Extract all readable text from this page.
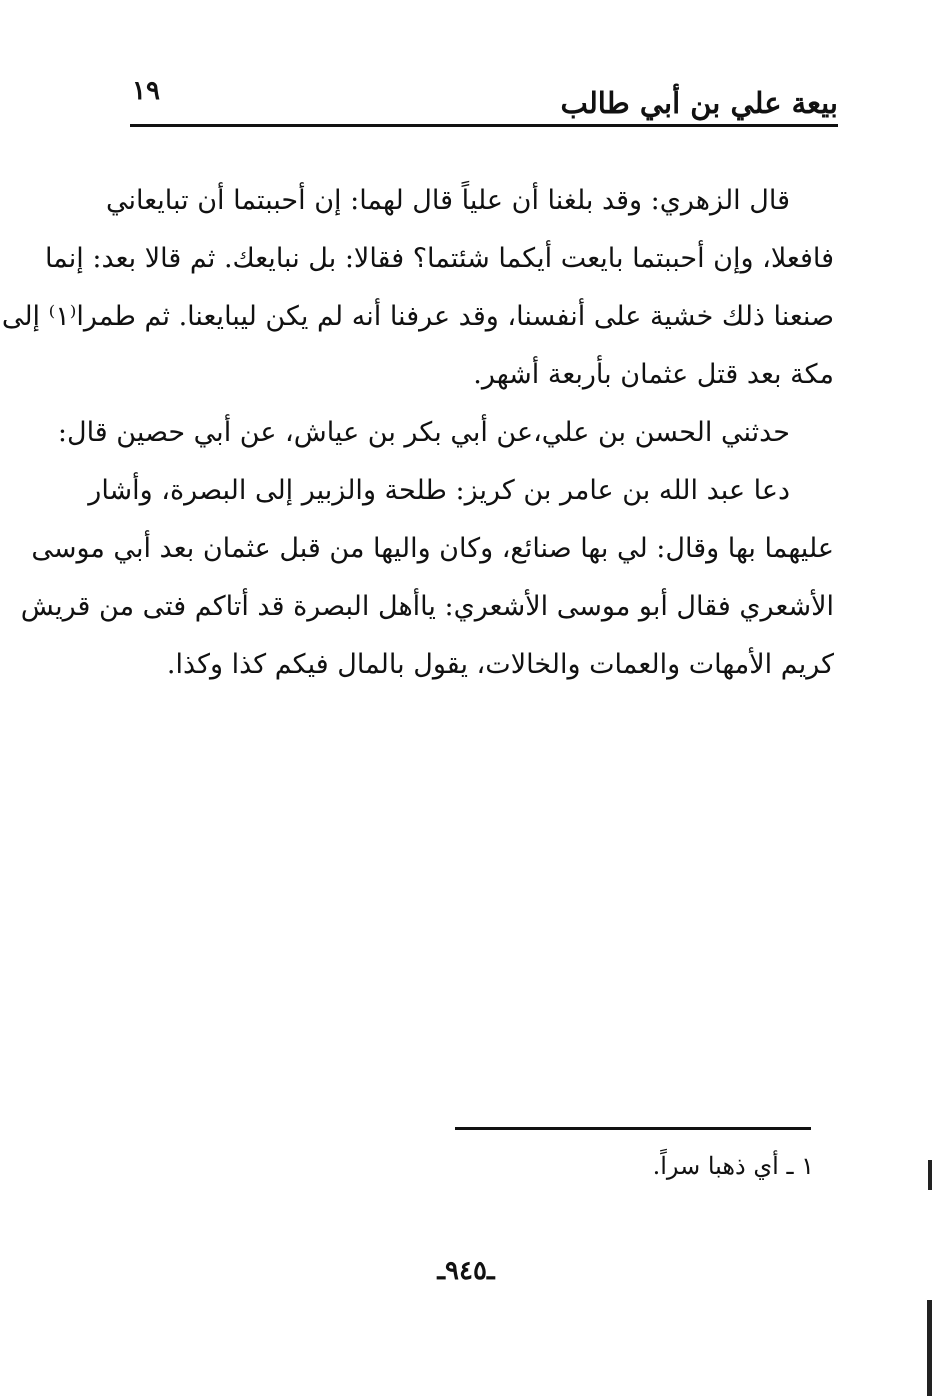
١٩	بيعة علي بن أبي طالب
قال الزهري: وقد بلغنا أن علياً قال لهما: إن أحببتما أن تبايعاني
فافعلا، وإن أحببتما بايعت أيكما شئتما؟ فقالا: بل نبايعك. ثم قالا بعد: إنما
صنعنا ذلك خشية على أنفسنا، وقد عرفنا أنه لم يكن ليبايعنا. ثم طمرا⁽١⁾ إلى
مكة بعد قتل عثمان بأربعة أشهر.
حدثني الحسن بن علي،عن أبي بكر بن عياش، عن أبي حصين قال:
دعا عبد الله بن عامر بن كريز: طلحة والزبير إلى البصرة، وأشار
عليهما بها وقال: لي بها صنائع، وكان واليها من قبل عثمان بعد أبي موسى
الأشعري فقال أبو موسى الأشعري: ياأهل البصرة قد أتاكم فتى من قريش
كريم الأمهات والعمات والخالات، يقول بالمال فيكم كذا وكذا.
١ ـ أي ذهبا سراً.
ـ٩٤٥ـ
